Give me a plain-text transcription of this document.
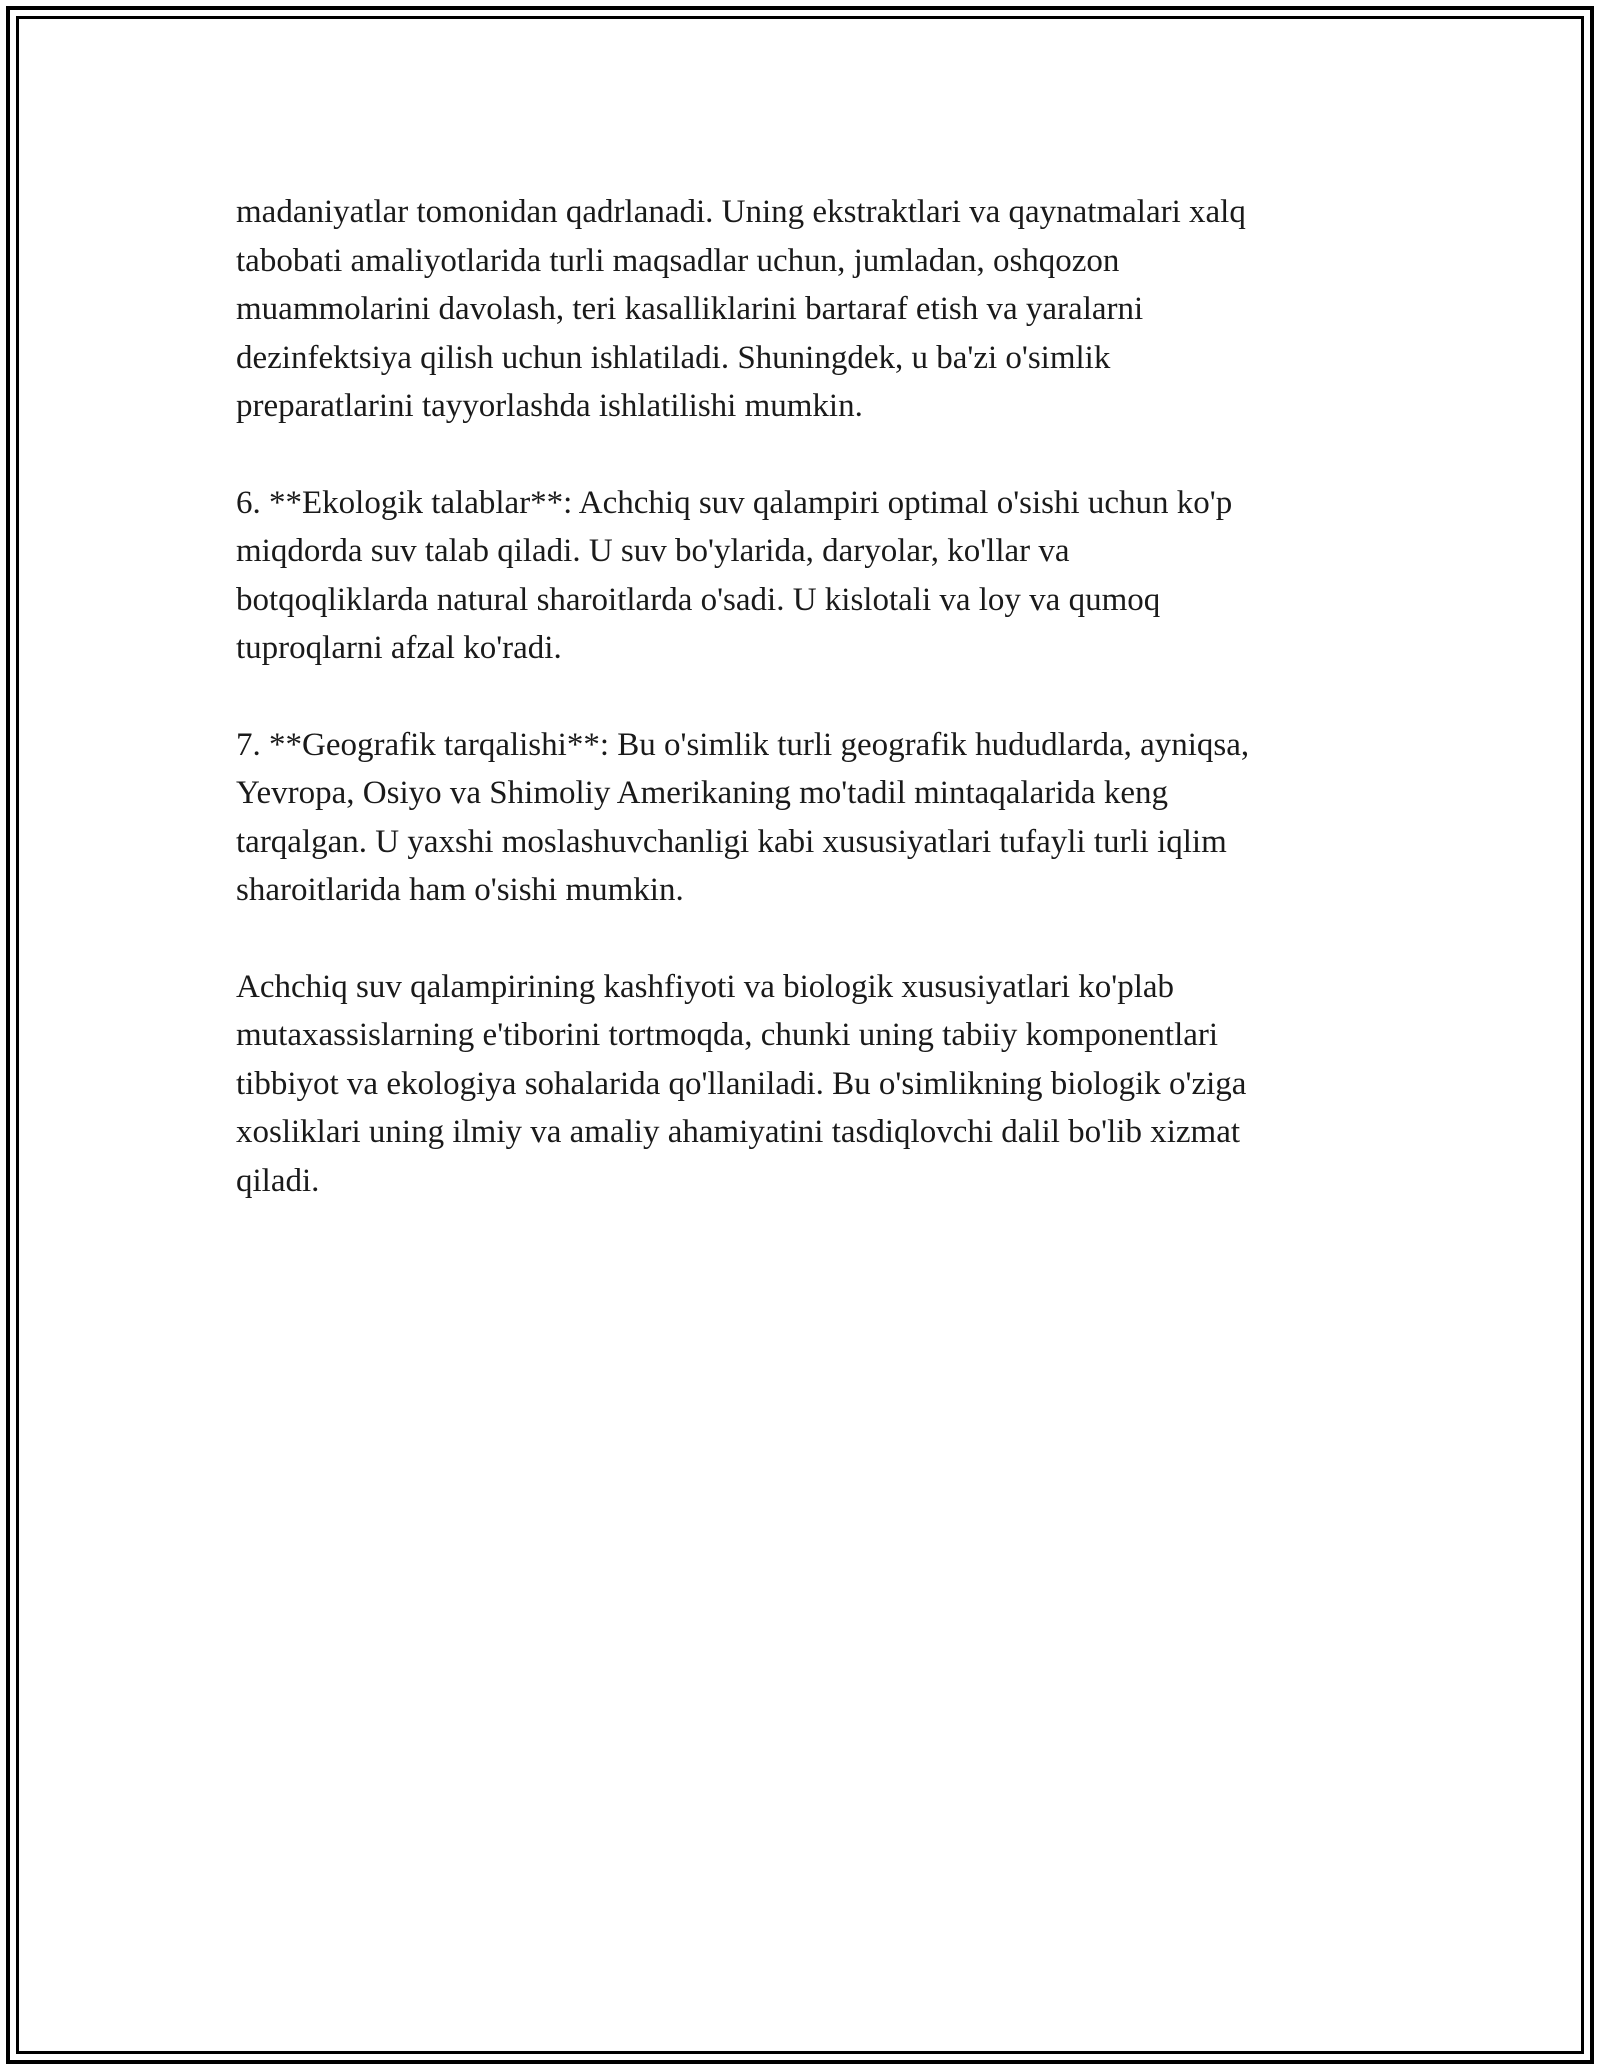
madaniyatlar tomonidan qadrlanadi. Uning ekstraktlari va qaynatmalari xalq
tabobati amaliyotlarida turli maqsadlar uchun, jumladan, oshqozon
muammolarini davolash, teri kasalliklarini bartaraf etish va yaralarni
dezinfektsiya qilish uchun ishlatiladi. Shuningdek, u ba'zi o'simlik
preparatlarini tayyorlashda ishlatilishi mumkin.

6. **Ekologik talablar**: Achchiq suv qalampiri optimal o'sishi uchun ko'p
miqdorda suv talab qiladi. U suv bo'ylarida, daryolar, ko'llar va
botqoqliklarda natural sharoitlarda o'sadi. U kislotali va loy va qumoq
tuproqlarni afzal ko'radi.

7. **Geografik tarqalishi**: Bu o'simlik turli geografik hududlarda, ayniqsa,
Yevropa, Osiyo va Shimoliy Amerikaning mo'tadil mintaqalarida keng
tarqalgan. U yaxshi moslashuvchanligi kabi xususiyatlari tufayli turli iqlim
sharoitlarida ham o'sishi mumkin.

Achchiq suv qalampirining kashfiyoti va biologik xususiyatlari ko'plab
mutaxassislarning e'tiborini tortmoqda, chunki uning tabiiy komponentlari
tibbiyot va ekologiya sohalarida qo'llaniladi. Bu o'simlikning biologik o'ziga
xosliklari uning ilmiy va amaliy ahamiyatini tasdiqlovchi dalil bo'lib xizmat
qiladi.
